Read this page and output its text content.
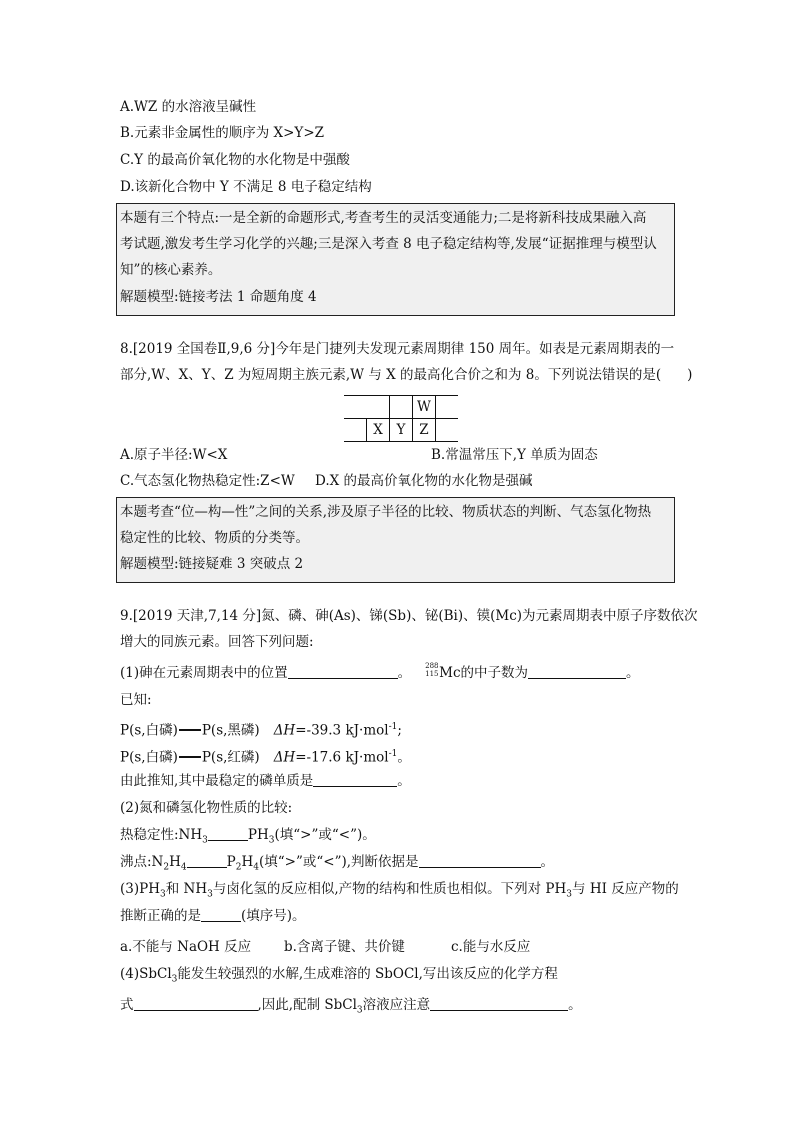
A.WZ 的水溶液呈碱性
B.元素非金属性的顺序为 X>Y>Z
C.Y 的最高价氧化物的水化物是中强酸
D.该新化合物中 Y 不满足 8 电子稳定结构
本题有三个特点:一是全新的命题形式,考查考生的灵活变通能力;二是将新科技成果融入高
考试题,激发考生学习化学的兴趣;三是深入考查 8 电子稳定结构等,发展“证据推理与模型认
知”的核心素养。
解题模型:链接考法 1 命题角度 4
8.[2019 全国卷Ⅱ,9,6 分]今年是门捷列夫发现元素周期律 150 周年。如表是元素周期表的一
部分,W、X、Y、Z 为短周期主族元素,W 与 X 的最高化合价之和为 8。下列说法错误的是( )
			W	
	X	Y	Z	
A.原子半径:W<X	B.常温常压下,Y 单质为固态
C.气态氢化物热稳定性:Z<W D.X 的最高价氧化物的水化物是强碱
本题考查“位—构—性”之间的关系,涉及原子半径的比较、物质状态的判断、气态氢化物热
稳定性的比较、物质的分类等。
解题模型:链接疑难 3 突破点 2
9.[2019 天津,7,14 分]氮、磷、砷(As)、锑(Sb)、铋(Bi)、镆(Mc)为元素周期表中原子序数依次
增大的同族元素。回答下列问题:
(1)砷在元素周期表中的位置	。 288
115 Mc的中子数为	。
已知:
P(s,白磷) P(s,黑磷) ΔH=-39.3 kJ·mol$^{-1}$;
P(s,白磷) P(s,红磷) ΔH=-17.6 kJ·mol$^{-1}$。
由此推知,其中最稳定的磷单质是	。
(2)氮和磷氢化物性质的比较:
热稳定性$:NH_3$	$PH_3$(填“>”或“<”)。
沸点$:N_2H_4$	$P_2H_4$(填“>”或“<”),判断依据是	。
$(3)PH_3$和 $NH_3$与卤化氢的反应相似,产物的结构和性质也相似。下列对 $PH_3$与 HI 反应产物的
推断正确的是	(填序号)。
a.不能与 NaOH 反应 b.含离子键、共价键	c.能与水反应
(4)SbCl$_3$能发生较强烈的水解,生成难溶的 SbOCl,写出该反应的化学方程
式	,因此,配制 SbCl$_3$溶液应注意	。
